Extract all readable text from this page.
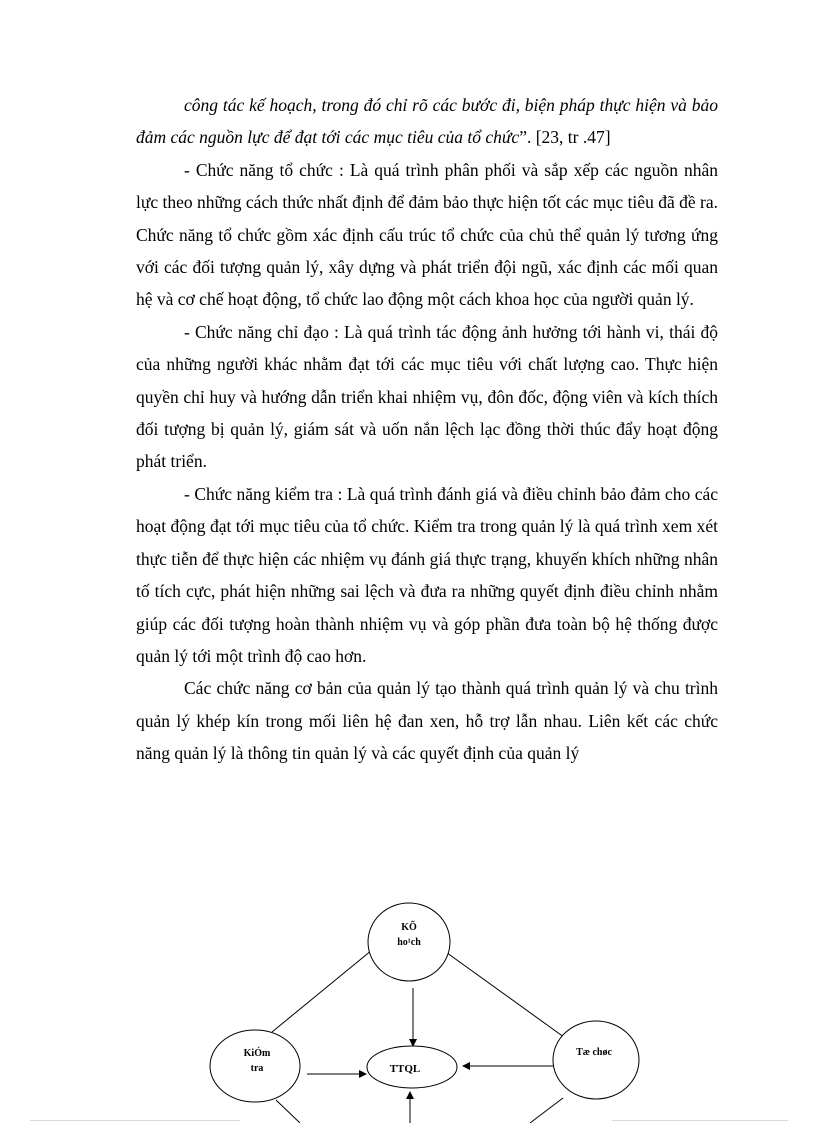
công tác kế hoạch, trong đó chỉ rõ các bước đi, biện pháp thực hiện và bảo đảm các nguồn lực để đạt tới các mục tiêu của tổ chức”. [23, tr .47]

- Chức năng tổ chức : Là quá trình phân phối và sắp xếp các nguồn nhân lực theo những cách thức nhất định để đảm bảo thực hiện tốt các mục tiêu đã đề ra. Chức năng tổ chức gồm xác định cấu trúc tổ chức của chủ thể quản lý tương ứng với các đối tượng quản lý, xây dựng và phát triển đội ngũ, xác định các mối quan hệ và cơ chế hoạt động, tổ chức lao động một cách khoa học của người quản lý.

- Chức năng chỉ đạo : Là quá trình tác động ảnh hưởng tới hành vi, thái độ của những người khác nhằm đạt tới các mục tiêu với chất lượng cao. Thực hiện quyền chỉ huy và hướng dẫn triển khai nhiệm vụ, đôn đốc, động viên và kích thích đối tượng bị quản lý, giám sát và uốn nắn lệch lạc đồng thời thúc đẩy hoạt động phát triển.

- Chức năng kiểm tra : Là quá trình đánh giá và điều chỉnh bảo đảm cho các hoạt động đạt tới mục tiêu của tổ chức. Kiểm tra trong quản lý là quá trình xem xét thực tiễn để thực hiện các nhiệm vụ đánh giá thực trạng, khuyến khích những nhân tố tích cực, phát hiện những sai lệch và đưa ra những quyết định điều chỉnh nhằm giúp các đối tượng hoàn thành nhiệm vụ và góp phần đưa toàn bộ hệ thống được quản lý tới một trình độ cao hơn.

Các chức năng cơ bản của quản lý tạo thành quá trình quản lý và chu trình quản lý khép kín trong mối liên hệ đan xen, hỗ trợ lẫn nhau. Liên kết các chức năng quản lý là thông tin quản lý và các quyết định của quản lý

KÕ
ho¹ch
KiÓm
tra	TTQL
Tæ chøc
